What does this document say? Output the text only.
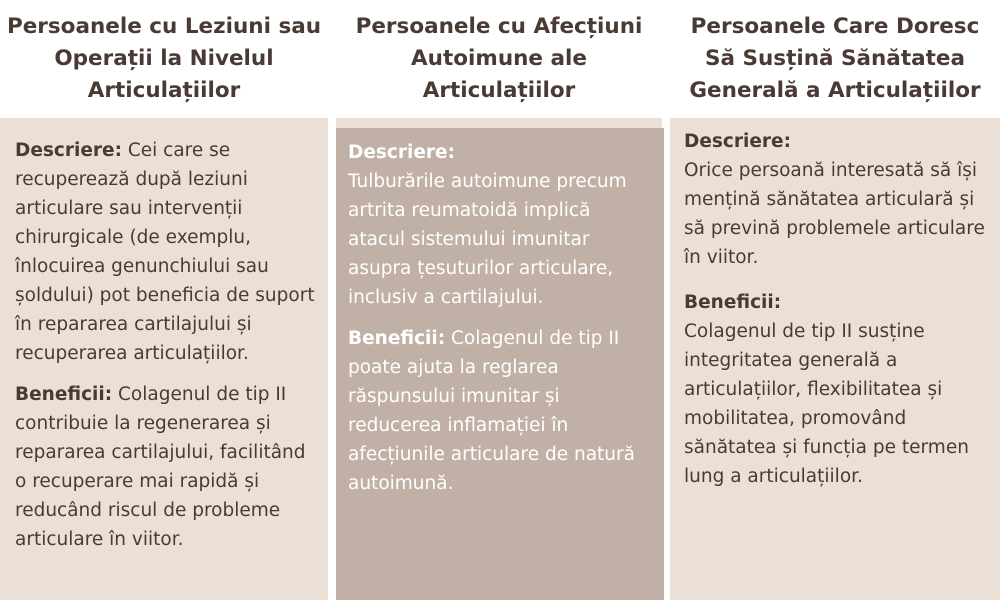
Persoanele cu Leziuni sau Operații la Nivelul Articulațiilor
Persoanele cu Afecțiuni Autoimune ale Articulațiilor
Persoanele Care Doresc Să Susțină Sănătatea Generală a Articulațiilor

Descriere: Cei care se recuperează după leziuni articulare sau intervenții chirurgicale (de exemplu, înlocuirea genunchiului sau șoldului) pot beneficia de suport în repararea cartilajului și recuperarea articulațiilor.

Beneficii: Colagenul de tip II contribuie la regenerarea și repararea cartilajului, facilitând o recuperare mai rapidă și reducând riscul de probleme articulare în viitor.

Descriere:
Tulburările autoimune precum artrita reumatoidă implică atacul sistemului imunitar asupra țesuturilor articulare, inclusiv a cartilajului.

Beneficii: Colagenul de tip II poate ajuta la reglarea răspunsului imunitar și reducerea inflamației în afecțiunile articulare de natură autoimună.

Descriere:
Orice persoană interesată să își mențină sănătatea articulară și să prevină problemele articulare în viitor.

Beneficii:
Colagenul de tip II susține integritatea generală a articulațiilor, flexibilitatea și mobilitatea, promovând sănătatea și funcția pe termen lung a articulațiilor.
